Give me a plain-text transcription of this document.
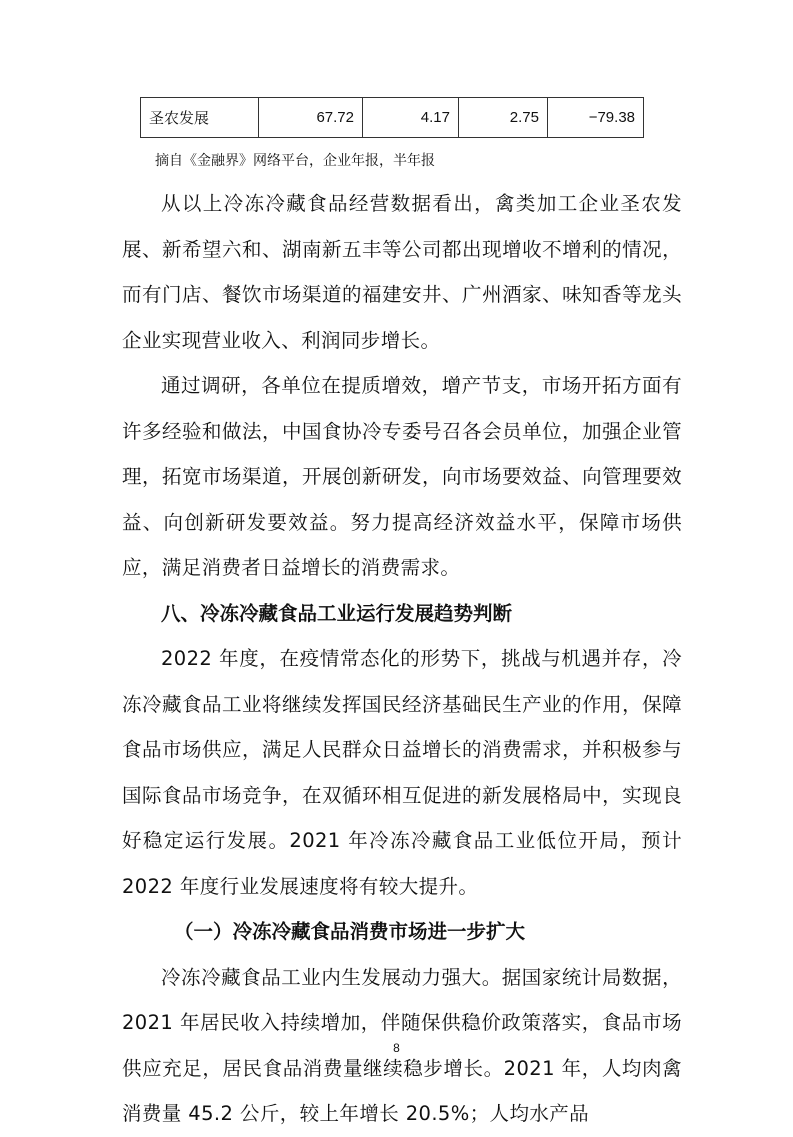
圣农发展	67.72	4.17	2.75	−79.38
摘自《金融界》网络平台，企业年报，半年报

从以上冷冻冷藏食品经营数据看出，禽类加工企业圣农发展、新希望六和、湖南新五丰等公司都出现增收不增利的情况，而有门店、餐饮市场渠道的福建安井、广州酒家、味知香等龙头企业实现营业收入、利润同步增长。

通过调研，各单位在提质增效，增产节支，市场开拓方面有许多经验和做法，中国食协冷专委号召各会员单位，加强企业管理，拓宽市场渠道，开展创新研发，向市场要效益、向管理要效益、向创新研发要效益。努力提高经济效益水平，保障市场供应，满足消费者日益增长的消费需求。

八、冷冻冷藏食品工业运行发展趋势判断

2022 年度，在疫情常态化的形势下，挑战与机遇并存，冷冻冷藏食品工业将继续发挥国民经济基础民生产业的作用，保障食品市场供应，满足人民群众日益增长的消费需求，并积极参与国际食品市场竞争，在双循环相互促进的新发展格局中，实现良好稳定运行发展。2021 年冷冻冷藏食品工业低位开局，预计 2022 年度行业发展速度将有较大提升。

（一）冷冻冷藏食品消费市场进一步扩大

冷冻冷藏食品工业内生发展动力强大。据国家统计局数据，2021 年居民收入持续增加，伴随保供稳价政策落实，食品市场供应充足，居民食品消费量继续稳步增长。2021 年，人均肉禽消费量 45.2 公斤，较上年增长 20.5%；人均水产品

8
